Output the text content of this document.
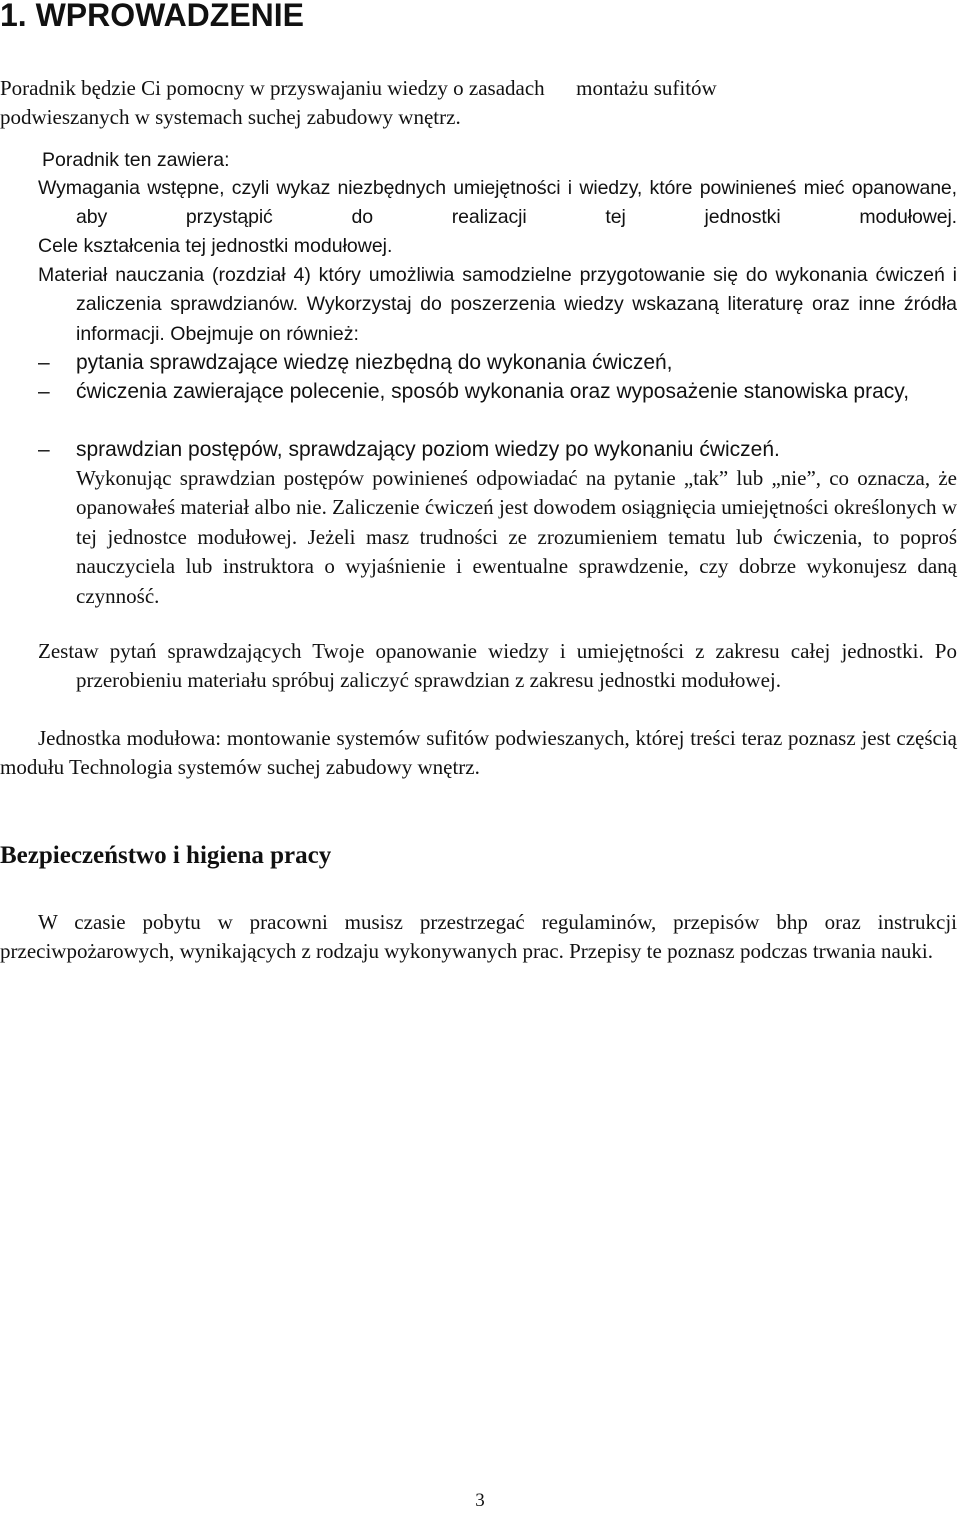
1. WPROWADZENIE

Poradnik będzie Ci pomocny w przyswajaniu wiedzy o zasadach      montażu sufitów

podwieszanych w systemach suchej zabudowy wnętrz.

Poradnik ten zawiera:

Wymagania wstępne, czyli wykaz niezbędnych umiejętności i wiedzy, które powinieneś mieć opanowane, aby przystąpić do realizacji tej jednostki modułowej.

Cele kształcenia tej jednostki modułowej.

Materiał nauczania (rozdział 4) który umożliwia samodzielne przygotowanie się do wykonania ćwiczeń i zaliczenia sprawdzianów. Wykorzystaj do poszerzenia wiedzy wskazaną literaturę oraz inne źródła informacji. Obejmuje on również:

–	pytania sprawdzające wiedzę niezbędną do wykonania ćwiczeń,
–	ćwiczenia zawierające polecenie, sposób wykonania oraz wyposażenie stanowiska pracy,
–	sprawdzian postępów, sprawdzający poziom wiedzy po wykonaniu ćwiczeń.

Wykonując sprawdzian postępów powinieneś odpowiadać na pytanie „tak” lub „nie”, co oznacza, że opanowałeś materiał albo nie. Zaliczenie ćwiczeń jest dowodem osiągnięcia umiejętności określonych w tej jednostce modułowej. Jeżeli masz trudności ze zrozumieniem tematu lub ćwiczenia, to poproś nauczyciela lub instruktora o wyjaśnienie i ewentualne sprawdzenie, czy dobrze wykonujesz daną czynność.

Zestaw pytań sprawdzających Twoje opanowanie wiedzy i umiejętności z zakresu całej jednostki. Po przerobieniu materiału spróbuj zaliczyć sprawdzian z zakresu jednostki modułowej.

Jednostka modułowa: montowanie systemów sufitów podwieszanych, której treści teraz poznasz jest częścią modułu Technologia systemów suchej zabudowy wnętrz.

Bezpieczeństwo i higiena pracy

W czasie pobytu w pracowni musisz przestrzegać regulaminów, przepisów bhp oraz instrukcji przeciwpożarowych, wynikających z rodzaju wykonywanych prac. Przepisy te poznasz podczas trwania nauki.

3
